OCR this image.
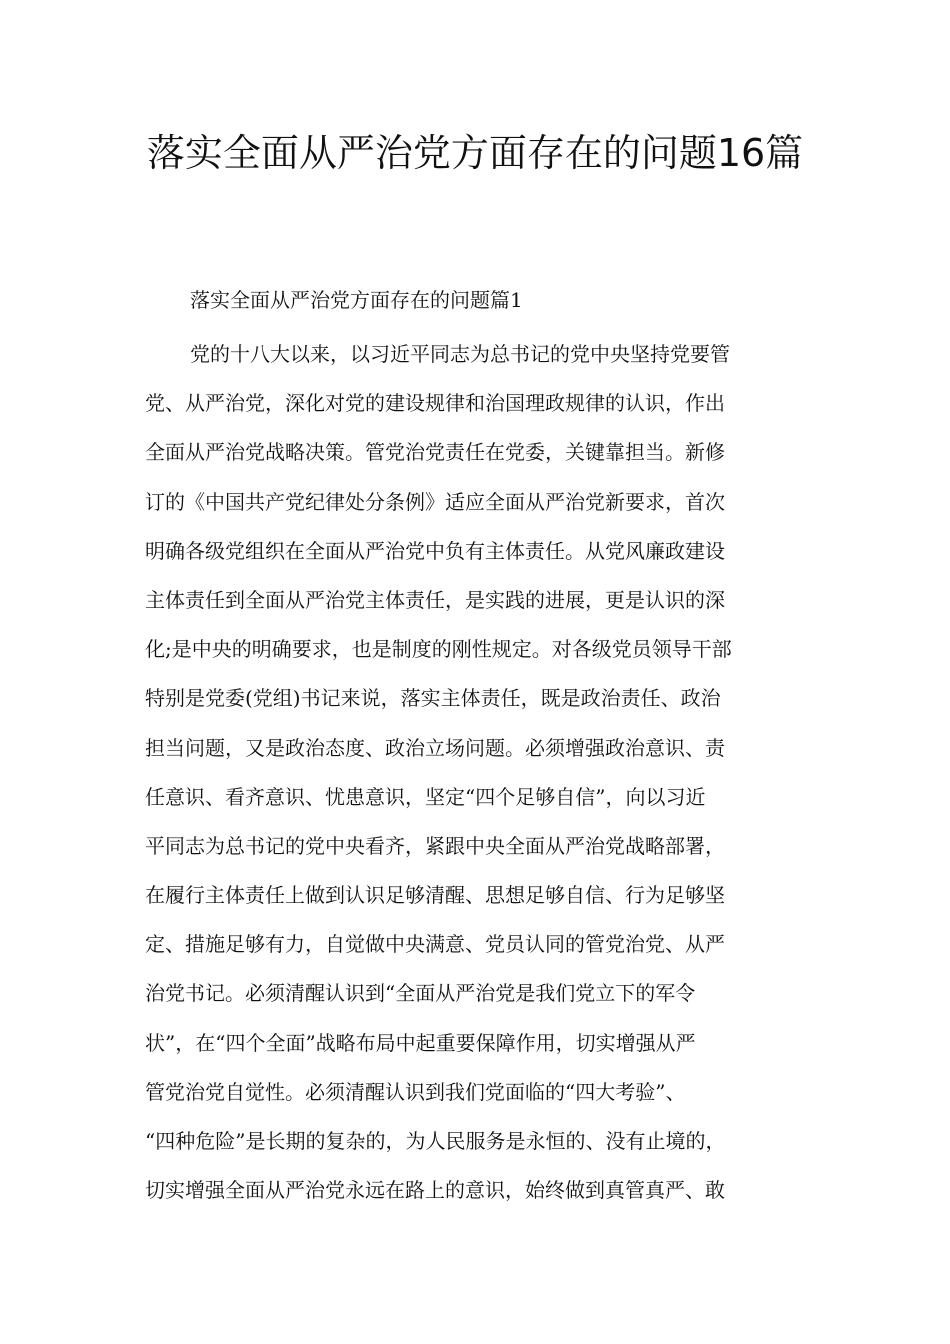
落实全面从严治党方面存在的问题16篇

落实全面从严治党方面存在的问题篇1

党的十八大以来，以习近平同志为总书记的党中央坚持党要管
党、从严治党，深化对党的建设规律和治国理政规律的认识，作出
全面从严治党战略决策。管党治党责任在党委，关键靠担当。新修
订的《中国共产党纪律处分条例》适应全面从严治党新要求，首次
明确各级党组织在全面从严治党中负有主体责任。从党风廉政建设
主体责任到全面从严治党主体责任，是实践的进展，更是认识的深
化;是中央的明确要求，也是制度的刚性规定。对各级党员领导干部
特别是党委(党组)书记来说，落实主体责任，既是政治责任、政治
担当问题，又是政治态度、政治立场问题。必须增强政治意识、责
任意识、看齐意识、忧患意识，坚定“四个足够自信”，向以习近
平同志为总书记的党中央看齐，紧跟中央全面从严治党战略部署，
在履行主体责任上做到认识足够清醒、思想足够自信、行为足够坚
定、措施足够有力，自觉做中央满意、党员认同的管党治党、从严
治党书记。必须清醒认识到“全面从严治党是我们党立下的军令
状”，在“四个全面”战略布局中起重要保障作用，切实增强从严
管党治党自觉性。必须清醒认识到我们党面临的“四大考验”、
“四种危险”是长期的复杂的，为人民服务是永恒的、没有止境的，
切实增强全面从严治党永远在路上的意识，始终做到真管真严、敢
